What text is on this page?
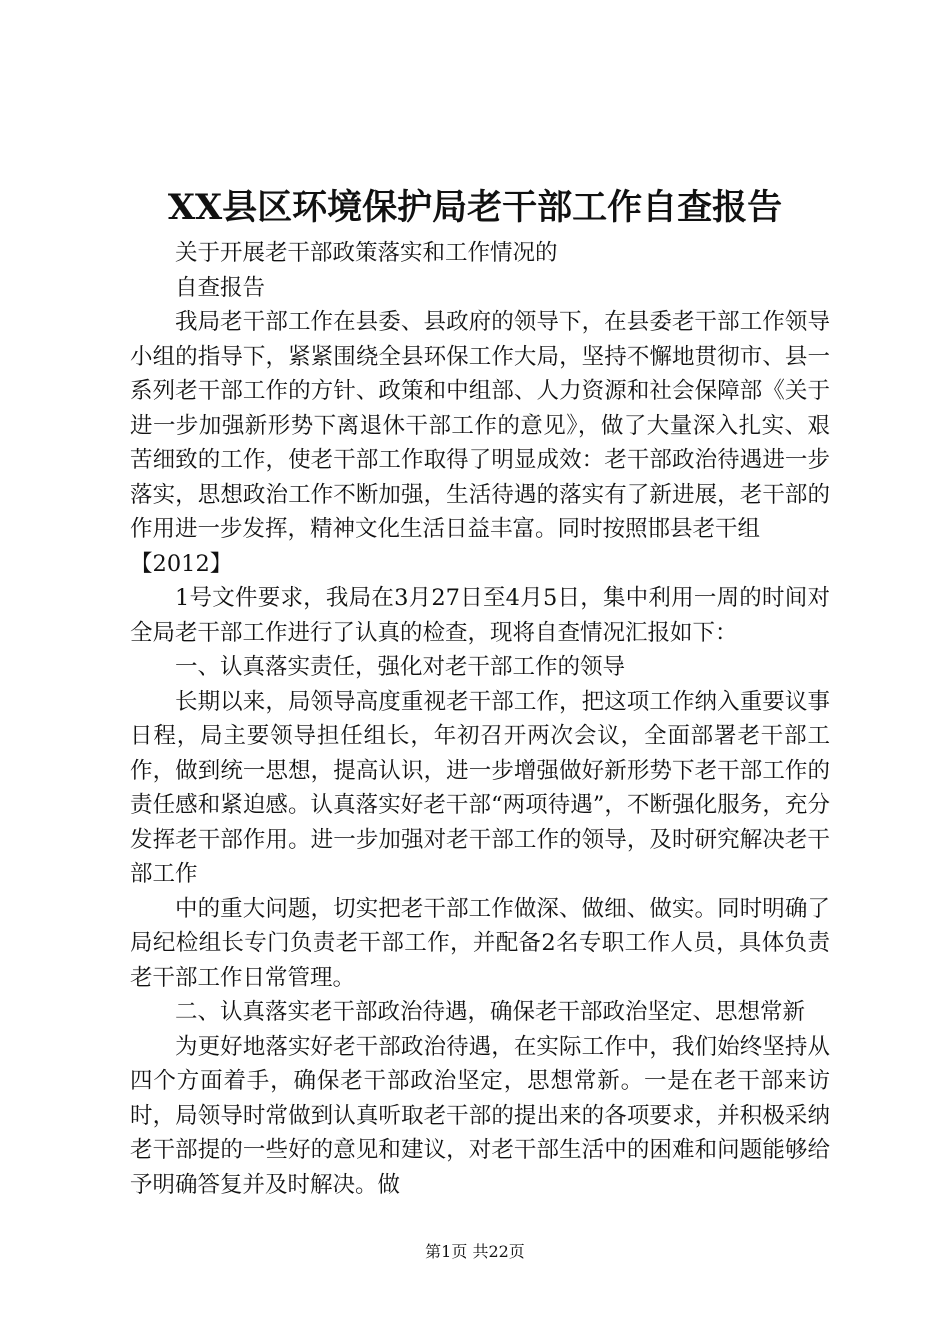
XX县区环境保护局老干部工作自查报告

关于开展老干部政策落实和工作情况的

自查报告

我局老干部工作在县委、县政府的领导下，在县委老干部工作领导小组的指导下，紧紧围绕全县环保工作大局，坚持不懈地贯彻市、县一系列老干部工作的方针、政策和中组部、人力资源和社会保障部《关于进一步加强新形势下离退休干部工作的意见》，做了大量深入扎实、艰苦细致的工作，使老干部工作取得了明显成效：老干部政治待遇进一步落实，思想政治工作不断加强，生活待遇的落实有了新进展，老干部的作用进一步发挥，精神文化生活日益丰富。同时按照邯县老干组

【2012】

1号文件要求，我局在3月27日至4月5日，集中利用一周的时间对全局老干部工作进行了认真的检查，现将自查情况汇报如下：

一、认真落实责任，强化对老干部工作的领导

长期以来，局领导高度重视老干部工作，把这项工作纳入重要议事日程，局主要领导担任组长，年初召开两次会议，全面部署老干部工作，做到统一思想，提高认识，进一步增强做好新形势下老干部工作的责任感和紧迫感。认真落实好老干部“两项待遇”，不断强化服务，充分发挥老干部作用。进一步加强对老干部工作的领导，及时研究解决老干部工作

中的重大问题，切实把老干部工作做深、做细、做实。同时明确了局纪检组长专门负责老干部工作，并配备2名专职工作人员，具体负责老干部工作日常管理。

二、认真落实老干部政治待遇，确保老干部政治坚定、思想常新

为更好地落实好老干部政治待遇，在实际工作中，我们始终坚持从四个方面着手，确保老干部政治坚定，思想常新。一是在老干部来访时，局领导时常做到认真听取老干部的提出来的各项要求，并积极采纳老干部提的一些好的意见和建议，对老干部生活中的困难和问题能够给予明确答复并及时解决。做

第1页 共22页
